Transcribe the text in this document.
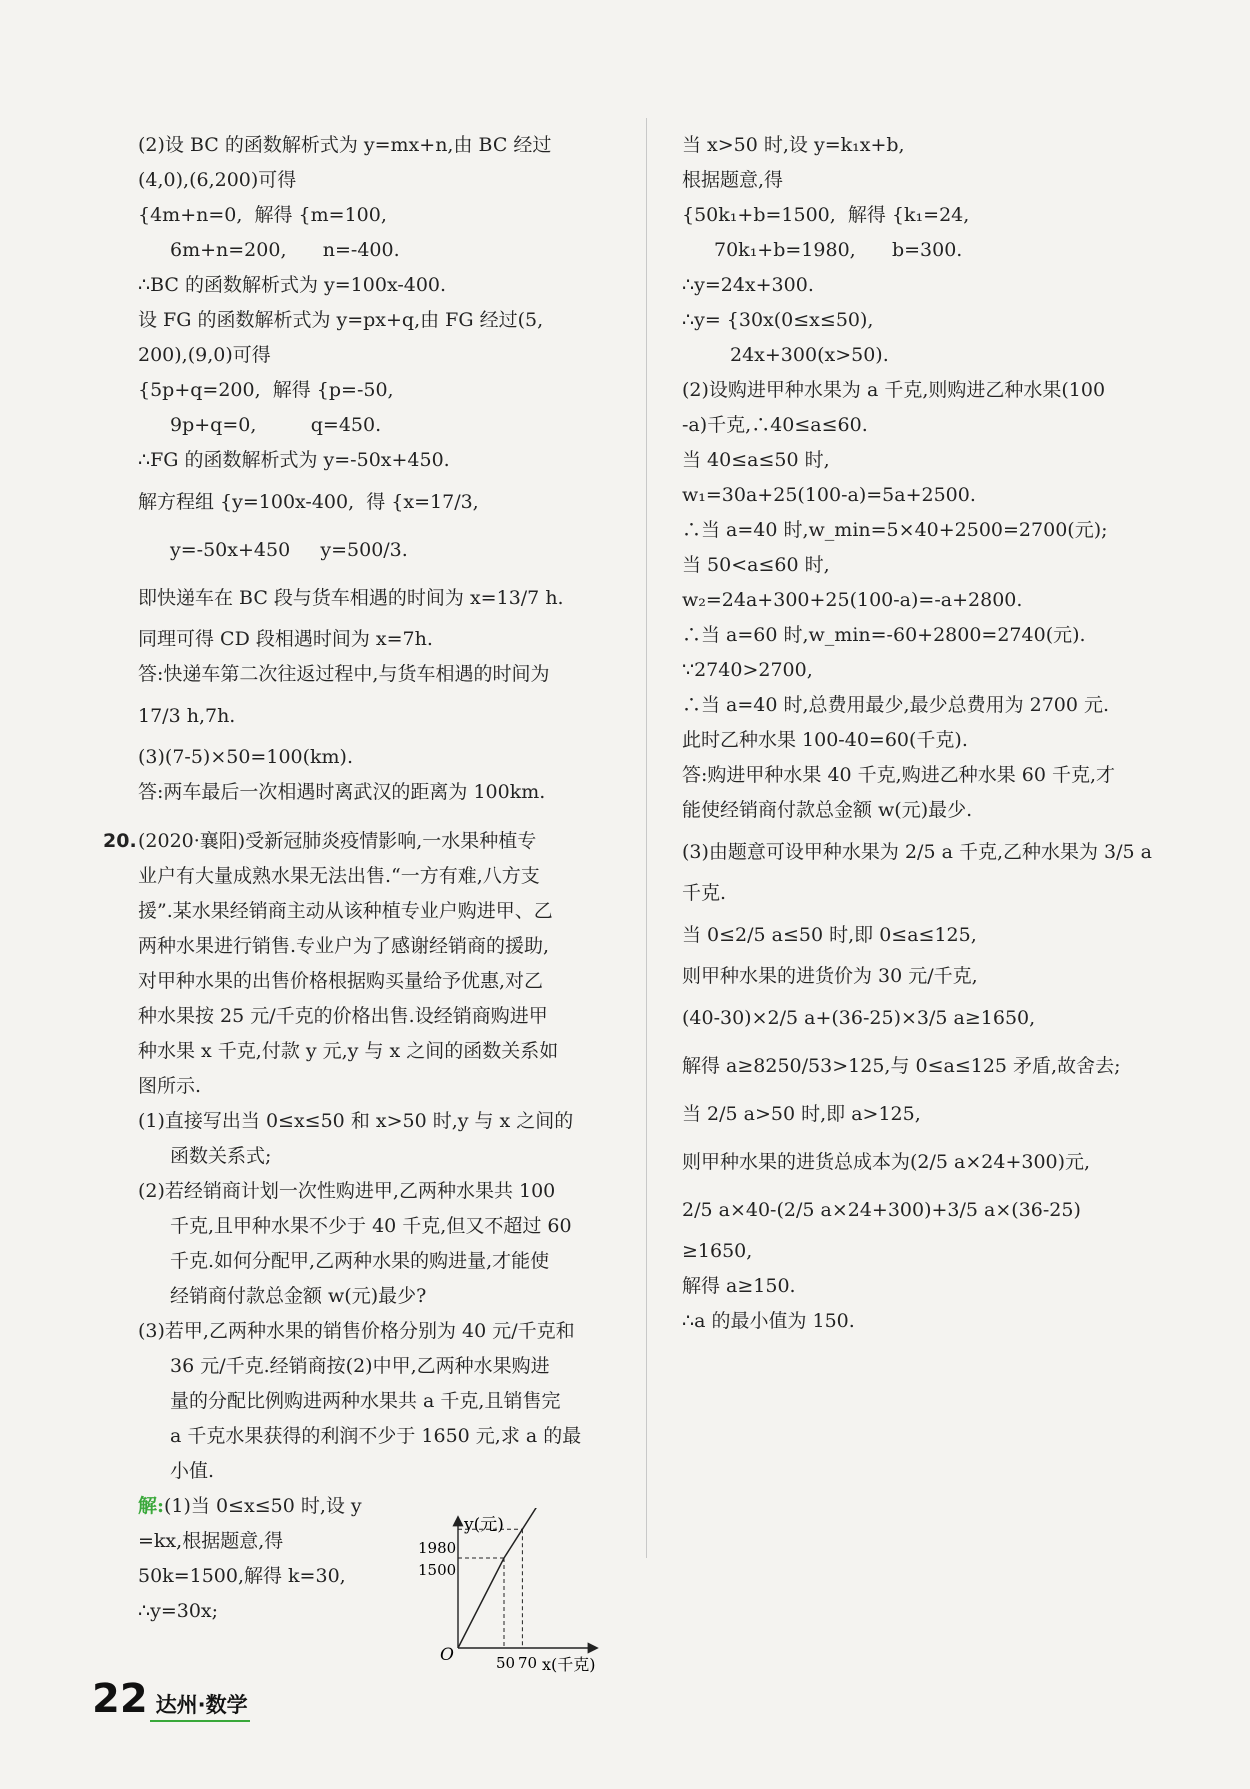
(2)设 BC 的函数解析式为 y=mx+n,由 BC 经过
(4,0),(6,200)可得
{4m+n=0, 解得 {m=100,
6m+n=200, n=-400.
∴BC 的函数解析式为 y=100x-400.
设 FG 的函数解析式为 y=px+q,由 FG 经过(5,
200),(9,0)可得
{5p+q=200, 解得 {p=-50,
9p+q=0,	q=450.
∴FG 的函数解析式为 y=-50x+450.
解方程组 {y=100x-400, 得 {x=17/3,
y=-50x+450 y=500/3.
即快递车在 BC 段与货车相遇的时间为 x=13/7 h.
同理可得 CD 段相遇时间为 x=7h.
答:快递车第二次往返过程中,与货车相遇的时间为
17/3 h,7h.
(3)(7-5)×50=100(km).
答:两车最后一次相遇时离武汉的距离为 100km.
20. (2020·襄阳)受新冠肺炎疫情影响,一水果种植专
业户有大量成熟水果无法出售.“一方有难,八方支
援”.某水果经销商主动从该种植专业户购进甲、乙
两种水果进行销售.专业户为了感谢经销商的援助,
对甲种水果的出售价格根据购买量给予优惠,对乙
种水果按 25 元/千克的价格出售.设经销商购进甲
种水果 x 千克,付款 y 元,y 与 x 之间的函数关系如
图所示.
(1)直接写出当 0≤x≤50 和 x>50 时,y 与 x 之间的
函数关系式;
(2)若经销商计划一次性购进甲,乙两种水果共 100
千克,且甲种水果不少于 40 千克,但又不超过 60
千克.如何分配甲,乙两种水果的购进量,才能使
经销商付款总金额 w(元)最少?
(3)若甲,乙两种水果的销售价格分别为 40 元/千克和
36 元/千克.经销商按(2)中甲,乙两种水果购进
量的分配比例购进两种水果共 a 千克,且销售完
a 千克水果获得的利润不少于 1650 元,求 a 的最
小值.
解:(1)当 0≤x≤50 时,设 y
=kx,根据题意,得
50k=1500,解得 k=30,
∴y=30x;
y(元)
x(千克)
O
1980
1500
50 70
当 x>50 时,设 y=k₁x+b,
根据题意,得
{50k₁+b=1500, 解得 {k₁=24,
70k₁+b=1980, b=300.
∴y=24x+300.
∴y= {30x(0≤x≤50),
24x+300(x>50).
(2)设购进甲种水果为 a 千克,则购进乙种水果(100
-a)千克,∴40≤a≤60.
当 40≤a≤50 时,
w₁=30a+25(100-a)=5a+2500.
∴当 a=40 时,w_min=5×40+2500=2700(元);
当 50<a≤60 时,
w₂=24a+300+25(100-a)=-a+2800.
∴当 a=60 时,w_min=-60+2800=2740(元).
∵2740>2700,
∴当 a=40 时,总费用最少,最少总费用为 2700 元.
此时乙种水果 100-40=60(千克).
答:购进甲种水果 40 千克,购进乙种水果 60 千克,才
能使经销商付款总金额 w(元)最少.
(3)由题意可设甲种水果为 2/5 a 千克,乙种水果为 3/5 a
千克.
当 0≤2/5 a≤50 时,即 0≤a≤125,
则甲种水果的进货价为 30 元/千克,
(40-30)×2/5 a+(36-25)×3/5 a≥1650,
解得 a≥8250/53>125,与 0≤a≤125 矛盾,故舍去;
当 2/5 a>50 时,即 a>125,
则甲种水果的进货总成本为(2/5 a×24+300)元,
2/5 a×40-(2/5 a×24+300)+3/5 a×(36-25)
≥1650,
解得 a≥150.
∴a 的最小值为 150.
22 达州·数学
